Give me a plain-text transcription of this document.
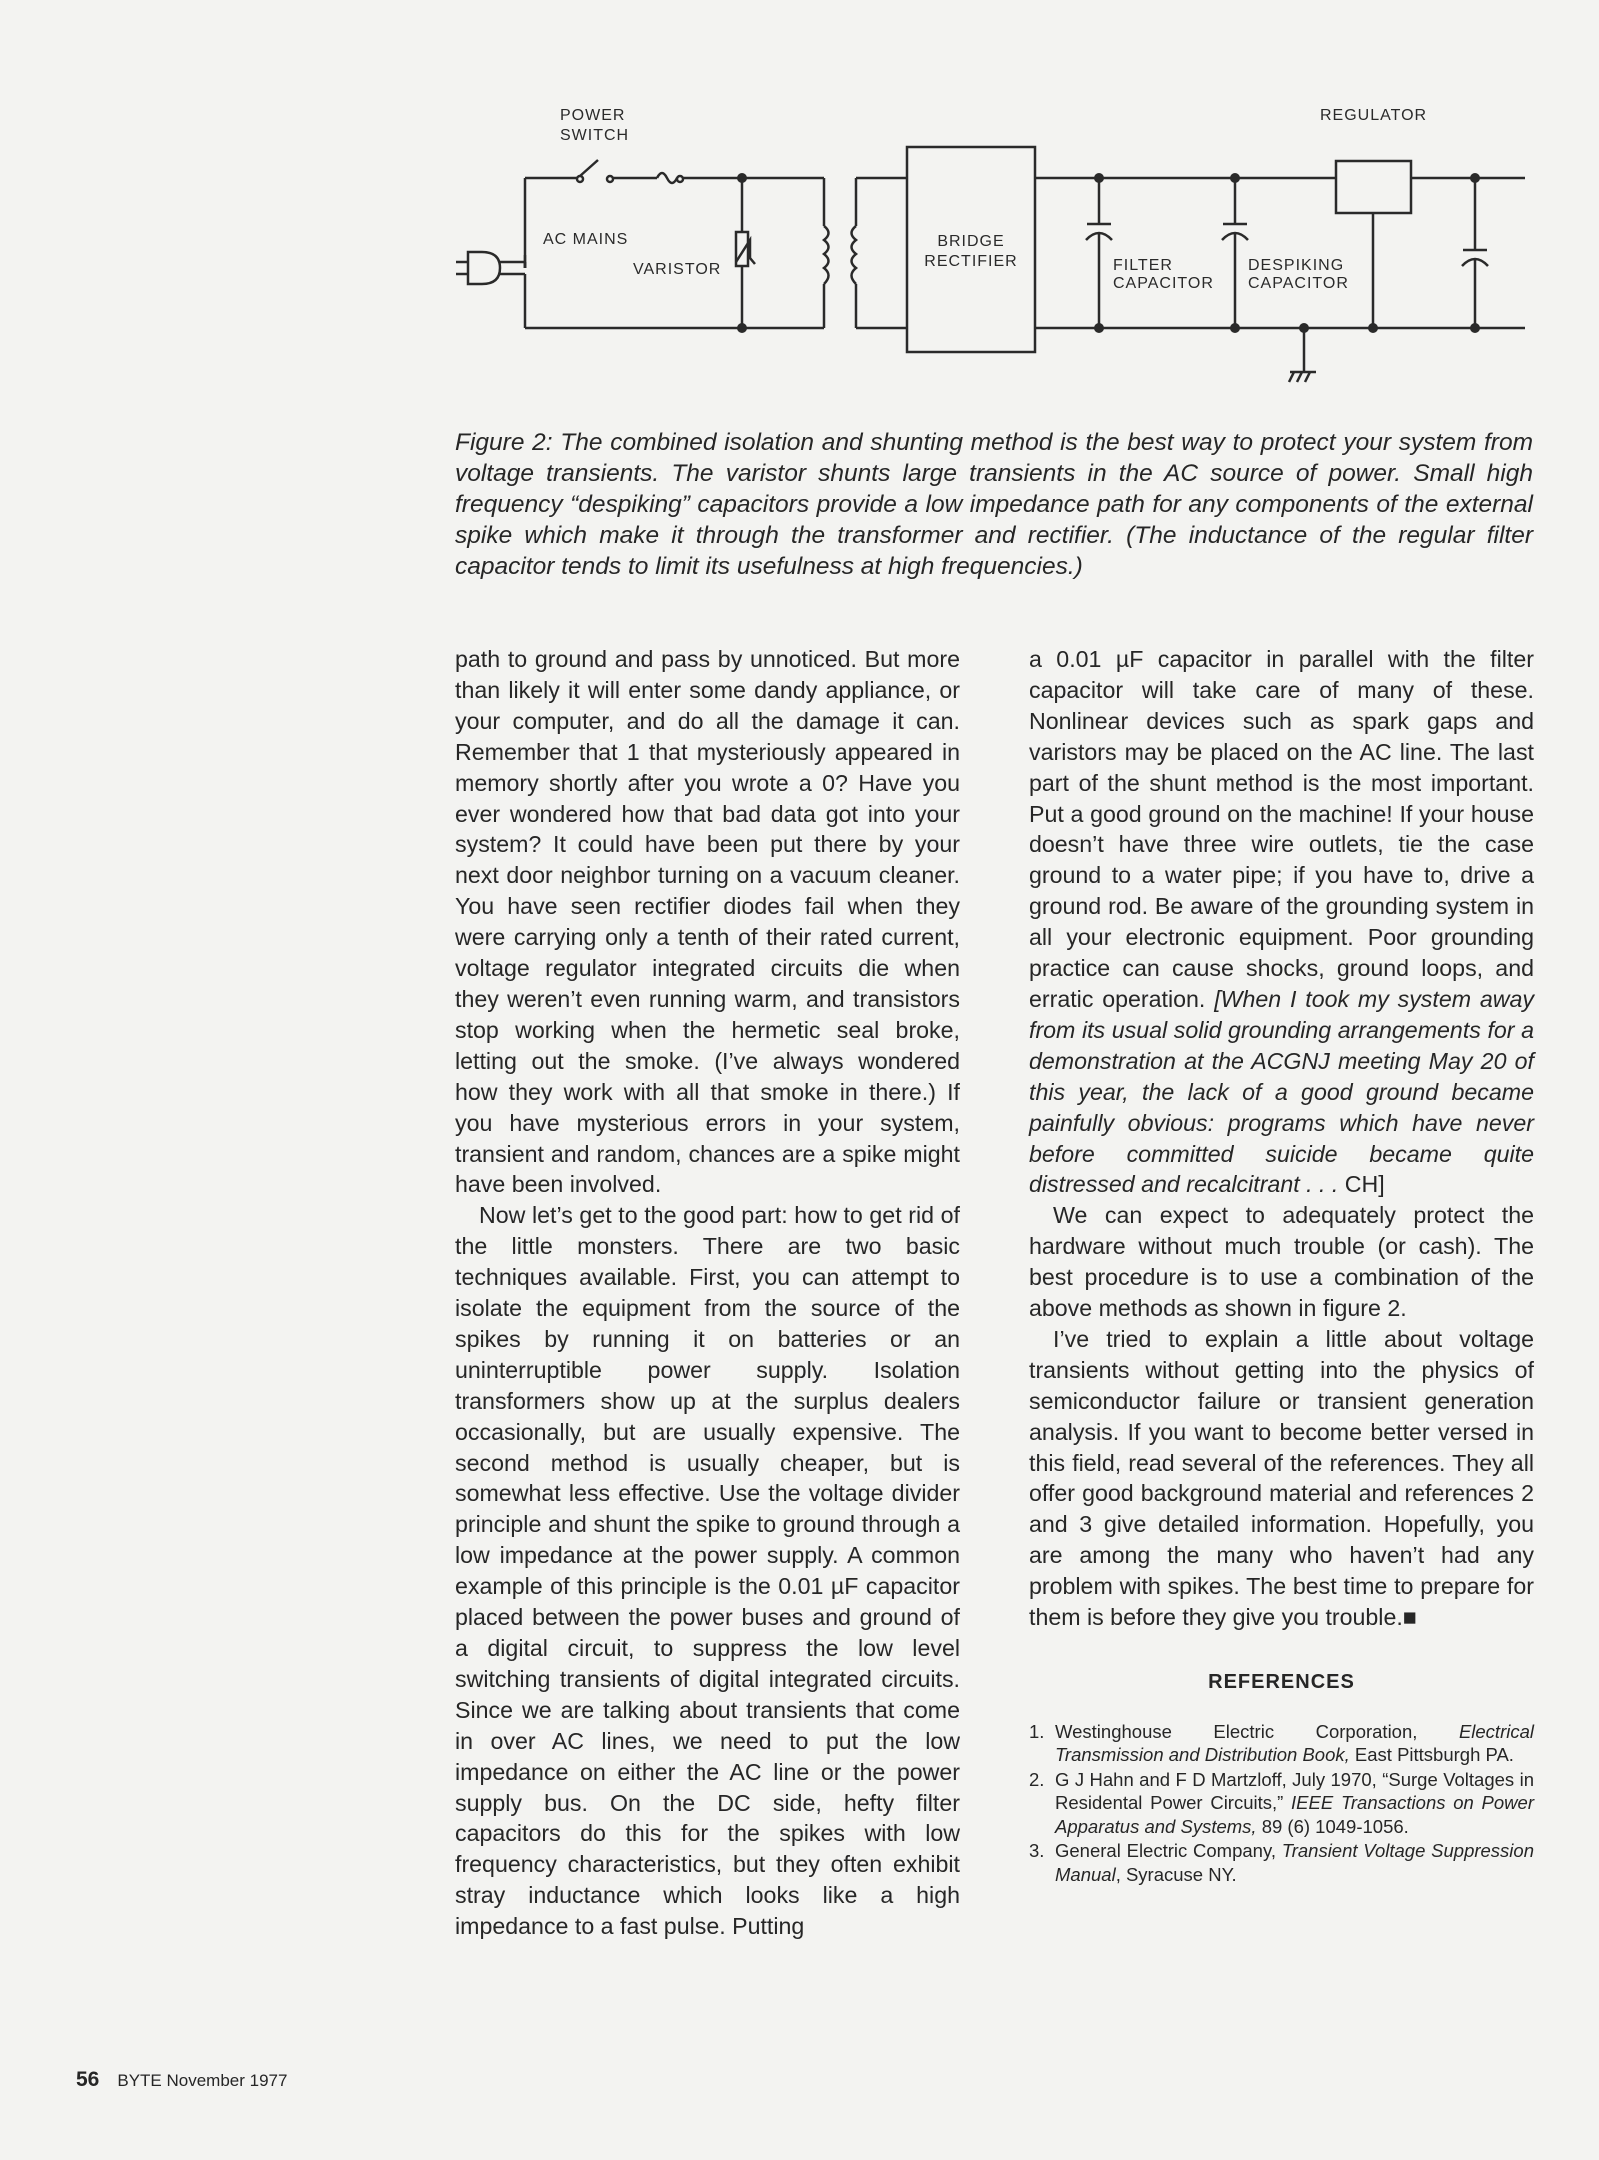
POWER
SWITCH
REGULATOR
AC MAINS
VARISTOR
BRIDGE
RECTIFIER	FILTER
CAPACITOR
DESPIKING
CAPACITOR
Figure 2: The combined isolation and shunting method is the best way to protect your system from voltage transients. The varistor shunts large transients in the AC source of power. Small high frequency “despiking” capacitors provide a low impedance path for any components of the external spike which make it through the transformer and rectifier. (The inductance of the regular filter capacitor tends to limit its usefulness at high frequencies.)

path to ground and pass by unnoticed. But more than likely it will enter some dandy appliance, or your computer, and do all the damage it can. Remember that 1 that mysteriously appeared in memory shortly after you wrote a 0? Have you ever wondered how that bad data got into your system? It could have been put there by your next door neighbor turning on a vacuum cleaner. You have seen rectifier diodes fail when they were carrying only a tenth of their rated current, voltage regulator integrated circuits die when they weren’t even running warm, and transistors stop working when the hermetic seal broke, letting out the smoke. (I’ve always wondered how they work with all that smoke in there.) If you have mysterious errors in your system, transient and random, chances are a spike might have been involved.

Now let’s get to the good part: how to get rid of the little monsters. There are two basic techniques available. First, you can attempt to isolate the equipment from the source of the spikes by running it on batteries or an uninterruptible power supply. Isolation transformers show up at the surplus dealers occasionally, but are usually expensive. The second method is usually cheaper, but is somewhat less effective. Use the voltage divider principle and shunt the spike to ground through a low impedance at the power supply. A common example of this principle is the 0.01 µF capacitor placed between the power buses and ground of a digital circuit, to suppress the low level switching transients of digital integrated circuits. Since we are talking about transients that come in over AC lines, we need to put the low impedance on either the AC line or the power supply bus. On the DC side, hefty filter capacitors do this for the spikes with low frequency characteristics, but they often exhibit stray inductance which looks like a high impedance to a fast pulse. Putting

a 0.01 µF capacitor in parallel with the filter capacitor will take care of many of these. Nonlinear devices such as spark gaps and varistors may be placed on the AC line. The last part of the shunt method is the most important. Put a good ground on the machine! If your house doesn’t have three wire outlets, tie the case ground to a water pipe; if you have to, drive a ground rod. Be aware of the grounding system in all your electronic equipment. Poor grounding practice can cause shocks, ground loops, and erratic operation. [When I took my system away from its usual solid grounding arrangements for a demonstration at the ACGNJ meeting May 20 of this year, the lack of a good ground became painfully obvious: programs which have never before committed suicide became quite distressed and recalcitrant . . . CH]

We can expect to adequately protect the hardware without much trouble (or cash). The best procedure is to use a combination of the above methods as shown in figure 2.

I’ve tried to explain a little about voltage transients without getting into the physics of semiconductor failure or transient generation analysis. If you want to become better versed in this field, read several of the references. They all offer good background material and references 2 and 3 give detailed information. Hopefully, you are among the many who haven’t had any problem with spikes. The best time to prepare for them is before they give you trouble.■

REFERENCES
1. Westinghouse Electric Corporation, Electrical Transmission and Distribution Book, East Pittsburgh PA.
2. G J Hahn and F D Martzloff, July 1970, “Surge Voltages in Residental Power Circuits,” IEEE Transactions on Power Apparatus and Systems, 89 (6) 1049-1056.
3. General Electric Company, Transient Voltage Suppression Manual, Syracuse NY.
56 BYTE November 1977
